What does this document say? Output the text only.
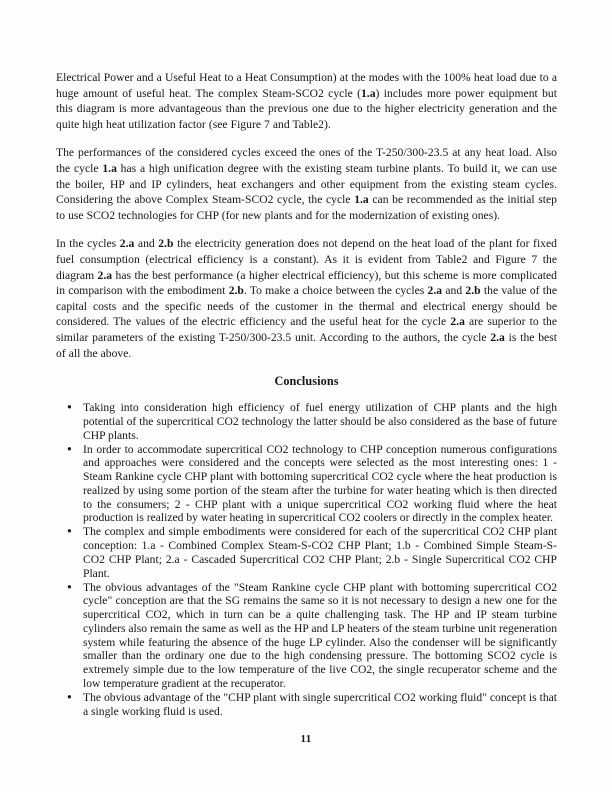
Electrical Power and a Useful Heat to a Heat Consumption) at the modes with the 100% heat load due to a huge amount of useful heat. The complex Steam-SCO2 cycle (1.a) includes more power equipment but this diagram is more advantageous than the previous one due to the higher electricity generation and the quite high heat utilization factor (see Figure 7 and Table2).

The performances of the considered cycles exceed the ones of the T-250/300-23.5 at any heat load. Also the cycle 1.a has a high unification degree with the existing steam turbine plants. To build it, we can use the boiler, HP and IP cylinders, heat exchangers and other equipment from the existing steam cycles. Considering the above Complex Steam-SCO2 cycle, the cycle 1.a can be recommended as the initial step to use SCO2 technologies for CHP (for new plants and for the modernization of existing ones).

In the cycles 2.a and 2.b the electricity generation does not depend on the heat load of the plant for fixed fuel consumption (electrical efficiency is a constant). As it is evident from Table2 and Figure 7 the diagram 2.a has the best performance (a higher electrical efficiency), but this scheme is more complicated in comparison with the embodiment 2.b. To make a choice between the cycles 2.a and 2.b the value of the capital costs and the specific needs of the customer in the thermal and electrical energy should be considered. The values of the electric efficiency and the useful heat for the cycle 2.a are superior to the similar parameters of the existing T-250/300-23.5 unit. According to the authors, the cycle 2.a is the best of all the above.

Conclusions
• Taking into consideration high efficiency of fuel energy utilization of CHP plants and the high potential of the supercritical CO2 technology the latter should be also considered as the base of future CHP plants.
• In order to accommodate supercritical CO2 technology to CHP conception numerous configurations and approaches were considered and the concepts were selected as the most interesting ones: 1 - Steam Rankine cycle CHP plant with bottoming supercritical CO2 cycle where the heat production is realized by using some portion of the steam after the turbine for water heating which is then directed to the consumers; 2 - CHP plant with a unique supercritical CO2 working fluid where the heat production is realized by water heating in supercritical CO2 coolers or directly in the complex heater.
• The complex and simple embodiments were considered for each of the supercritical CO2 CHP plant conception: 1.a - Combined Complex Steam-S-CO2 CHP Plant; 1.b - Combined Simple Steam-S-CO2 CHP Plant; 2.a - Cascaded Supercritical CO2 CHP Plant; 2.b - Single Supercritical CO2 CHP Plant.
• The obvious advantages of the "Steam Rankine cycle CHP plant with bottoming supercritical CO2 cycle" conception are that the SG remains the same so it is not necessary to design a new one for the supercritical CO2, which in turn can be a quite challenging task. The HP and IP steam turbine cylinders also remain the same as well as the HP and LP heaters of the steam turbine unit regeneration system while featuring the absence of the huge LP cylinder. Also the condenser will be significantly smaller than the ordinary one due to the high condensing pressure. The bottoming SCO2 cycle is extremely simple due to the low temperature of the live CO2, the single recuperator scheme and the low temperature gradient at the recuperator.
• The obvious advantage of the "CHP plant with single supercritical CO2 working fluid" concept is that a single working fluid is used.
11
